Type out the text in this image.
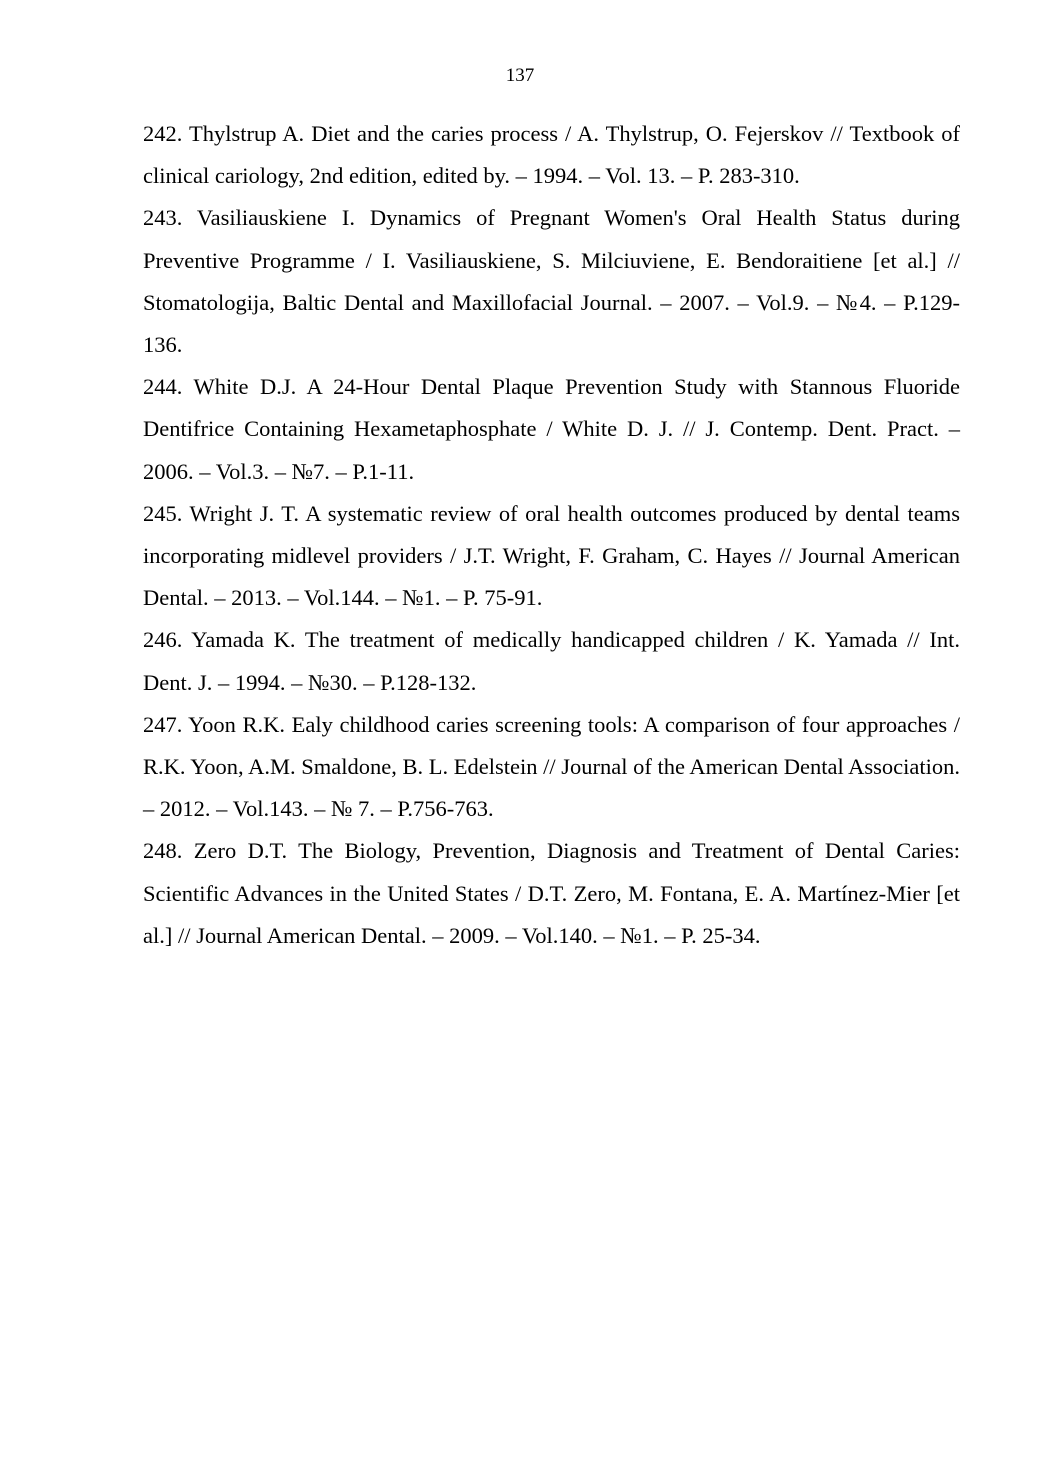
137
242. Thylstrup A. Diet and the caries process / A. Thylstrup, O. Fejerskov // Textbook of clinical cariology, 2nd edition, edited by. – 1994. – Vol. 13. – P. 283-310.
243. Vasiliauskiene I. Dynamics of Pregnant Women's Oral Health Status during Preventive Programme / I. Vasiliauskiene, S. Milciuviene, E. Bendoraitiene [et al.] // Stomatologija, Baltic Dental and Maxillofacial Journal. – 2007. – Vol.9. – №4. – P.129-136.
244. White D.J. A 24-Hour Dental Plaque Prevention Study with Stannous Fluoride Dentifrice Containing Hexametaphosphate / White D. J. // J. Contemp. Dent. Pract. – 2006. – Vol.3. – №7. – P.1-11.
245. Wright J. T. A systematic review of oral health outcomes produced by dental teams incorporating midlevel providers / J.T. Wright, F. Graham, C. Hayes // Journal American Dental. – 2013. – Vol.144. – №1. – P. 75-91.
246. Yamada K. The treatment of medically handicapped children / K. Yamada // Int. Dent. J. – 1994. – №30. – P.128-132.
247. Yoon R.K. Ealy childhood caries screening tools: A comparison of four approaches / R.K. Yoon, A.M. Smaldone, B. L. Edelstein // Journal of the American Dental Association. – 2012. – Vol.143. – № 7. – P.756-763.
248. Zero D.T. The Biology, Prevention, Diagnosis and Treatment of Dental Caries: Scientific Advances in the United States / D.T. Zero, M. Fontana, E. A. Martínez-Mier [et al.] // Journal American Dental. – 2009. – Vol.140. – №1. – P. 25-34.
